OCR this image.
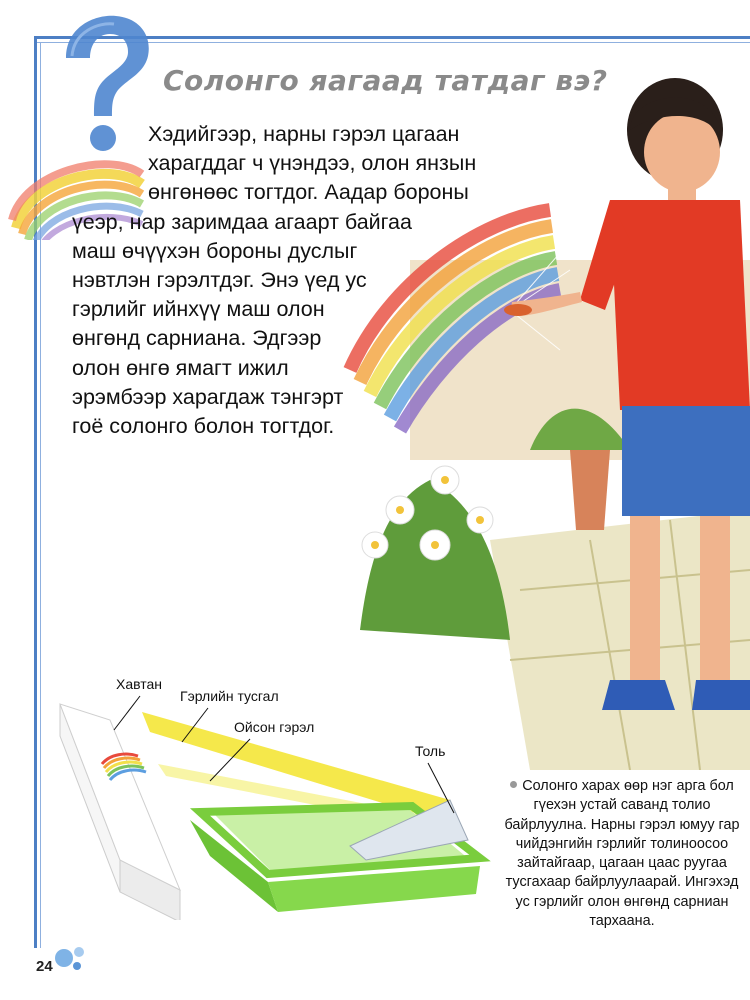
Солонго яагаад татдаг вэ?
Хэдийгээр, нарны гэрэл цагаан
харагддаг ч үнэндээ, олон янзын
өнгөнөөс тогтдог. Аадар бороны
үеэр, нар заримдаа агаарт байгаа
маш өчүүхэн бороны дуслыг
нэвтлэн гэрэлтдэг. Энэ үед ус
гэрлийг ийнхүү маш олон
өнгөнд сарниана. Эдгээр
олон өнгө ямагт ижил
эрэмбээр харагдаж тэнгэрт
гоё солонго болон тогтдог.
Хавтан
Гэрлийн тусгал
Ойсон гэрэл
Толь
Солонго харах өөр нэг арга бол
гүехэн устай саванд толио
байрлуулна. Нарны гэрэл юмуу гар
чийдэнгийн гэрлийг толиноосоо
зайтайгаар, цагаан цаас руугаа
тусгахаар байрлуулаарай. Ингэхэд
ус гэрлийг олон өнгөнд сарниан
тархаана.
24
